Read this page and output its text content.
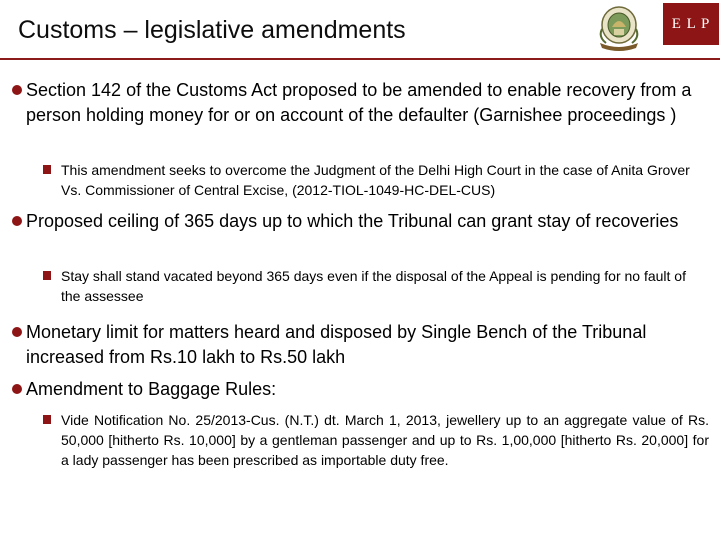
Customs – legislative amendments	E L P
Section 142 of the Customs Act proposed to be amended to enable recovery from a person holding money for or on account of the defaulter (Garnishee proceedings )
This amendment seeks to overcome the Judgment of the Delhi High Court in the case of Anita Grover Vs. Commissioner of Central Excise, (2012-TIOL-1049-HC-DEL-CUS)
Proposed ceiling of 365 days up to which the Tribunal can grant stay of recoveries
Stay shall stand vacated beyond 365 days even if the disposal of the Appeal is pending for no fault of the assessee
Monetary limit for matters heard and disposed by Single Bench of the Tribunal increased from Rs.10 lakh to Rs.50 lakh
Amendment to Baggage Rules:
Vide Notification No. 25/2013-Cus. (N.T.) dt. March 1, 2013, jewellery up to an aggregate value of Rs. 50,000 [hitherto Rs. 10,000] by a gentleman passenger and up to Rs. 1,00,000 [hitherto Rs. 20,000] for a lady passenger has been prescribed as importable duty free.
